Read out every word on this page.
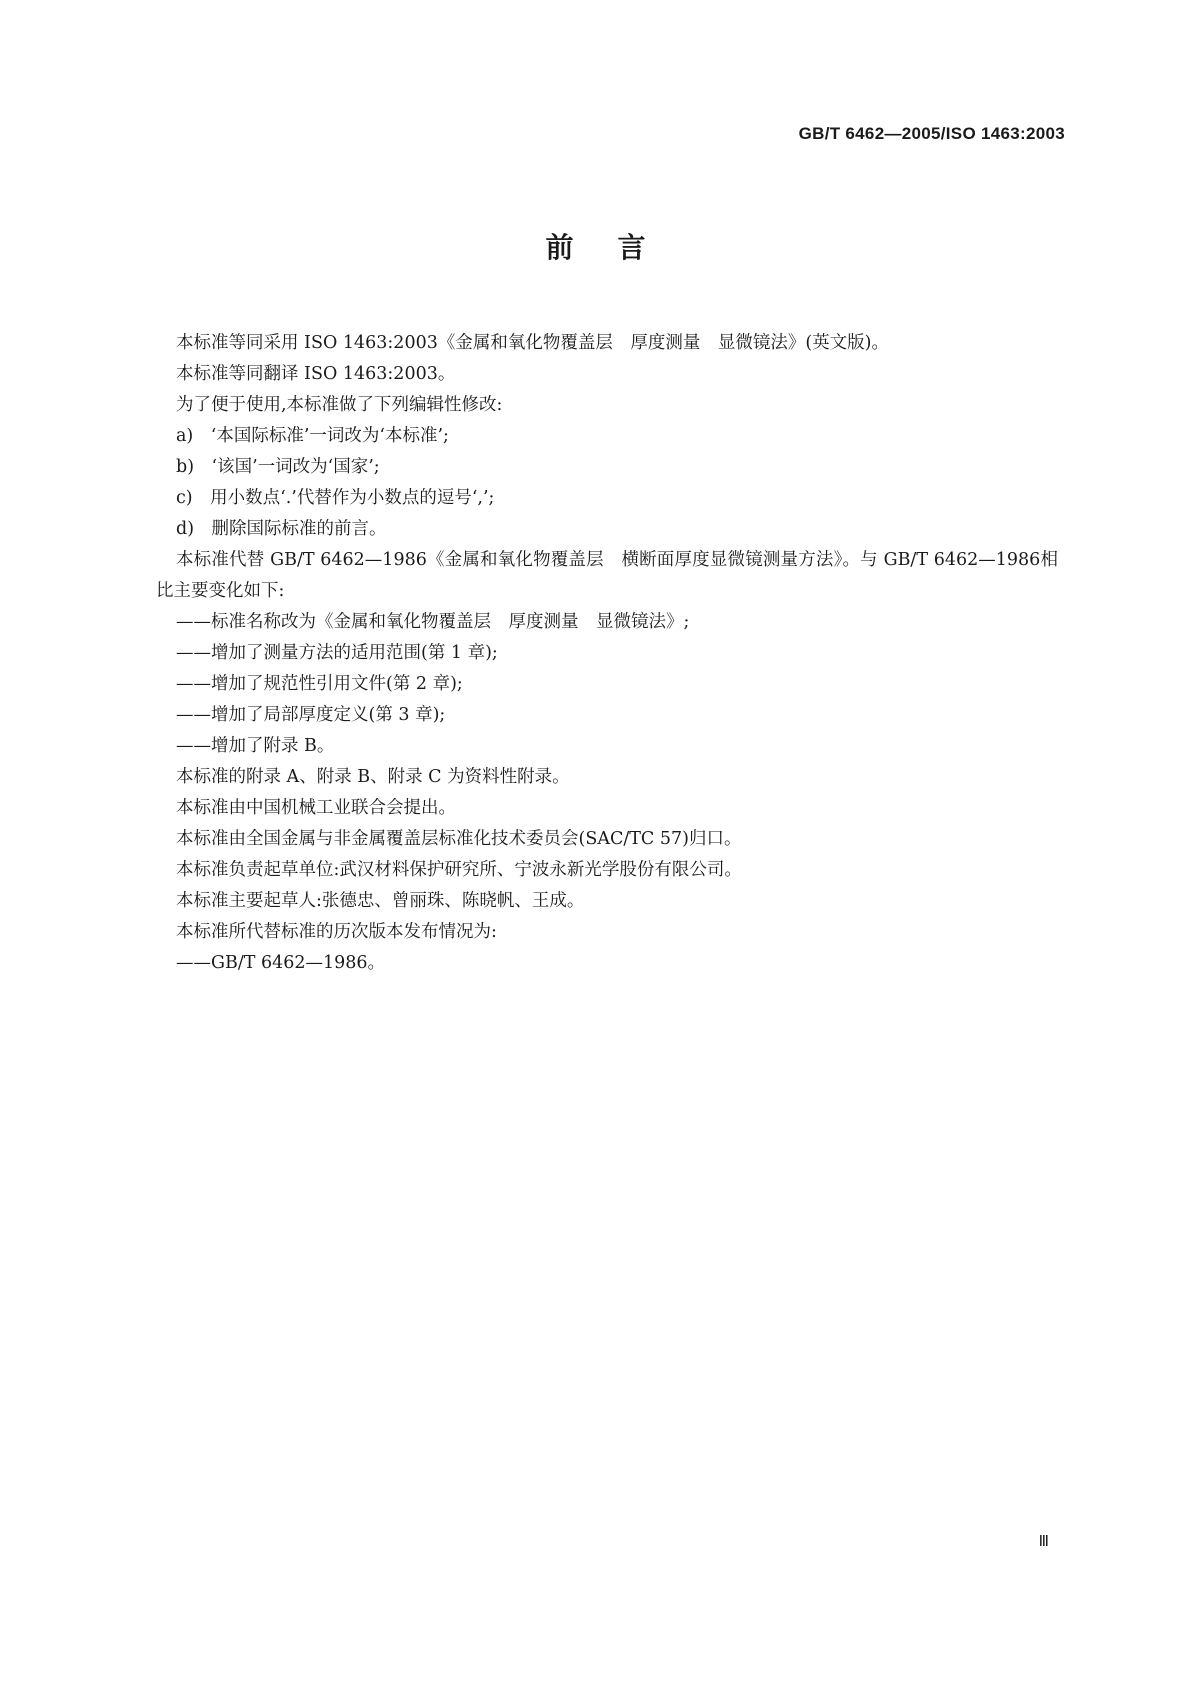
GB/T 6462—2005/ISO 1463:2003
前言

本标准等同采用 ISO 1463:2003《金属和氧化物覆盖层　厚度测量　显微镜法》(英文版)。

本标准等同翻译 ISO 1463:2003。

为了便于使用,本标准做了下列编辑性修改:

a)　‘本国际标准’一词改为‘本标准’;

b)　‘该国’一词改为‘国家’;

c)　用小数点‘.’代替作为小数点的逗号‘,’;

d)　删除国际标准的前言。

本标准代替 GB/T 6462—1986《金属和氧化物覆盖层　横断面厚度显微镜测量方法》。与 GB/T 6462—1986相比主要变化如下:

——标准名称改为《金属和氧化物覆盖层　厚度测量　显微镜法》;

——增加了测量方法的适用范围(第 1 章);

——增加了规范性引用文件(第 2 章);

——增加了局部厚度定义(第 3 章);

——增加了附录 B。

本标准的附录 A、附录 B、附录 C 为资料性附录。

本标准由中国机械工业联合会提出。

本标准由全国金属与非金属覆盖层标准化技术委员会(SAC/TC 57)归口。

本标准负责起草单位:武汉材料保护研究所、宁波永新光学股份有限公司。

本标准主要起草人:张德忠、曾丽珠、陈晓帆、王成。

本标准所代替标准的历次版本发布情况为:

——GB/T 6462—1986。

Ⅲ
